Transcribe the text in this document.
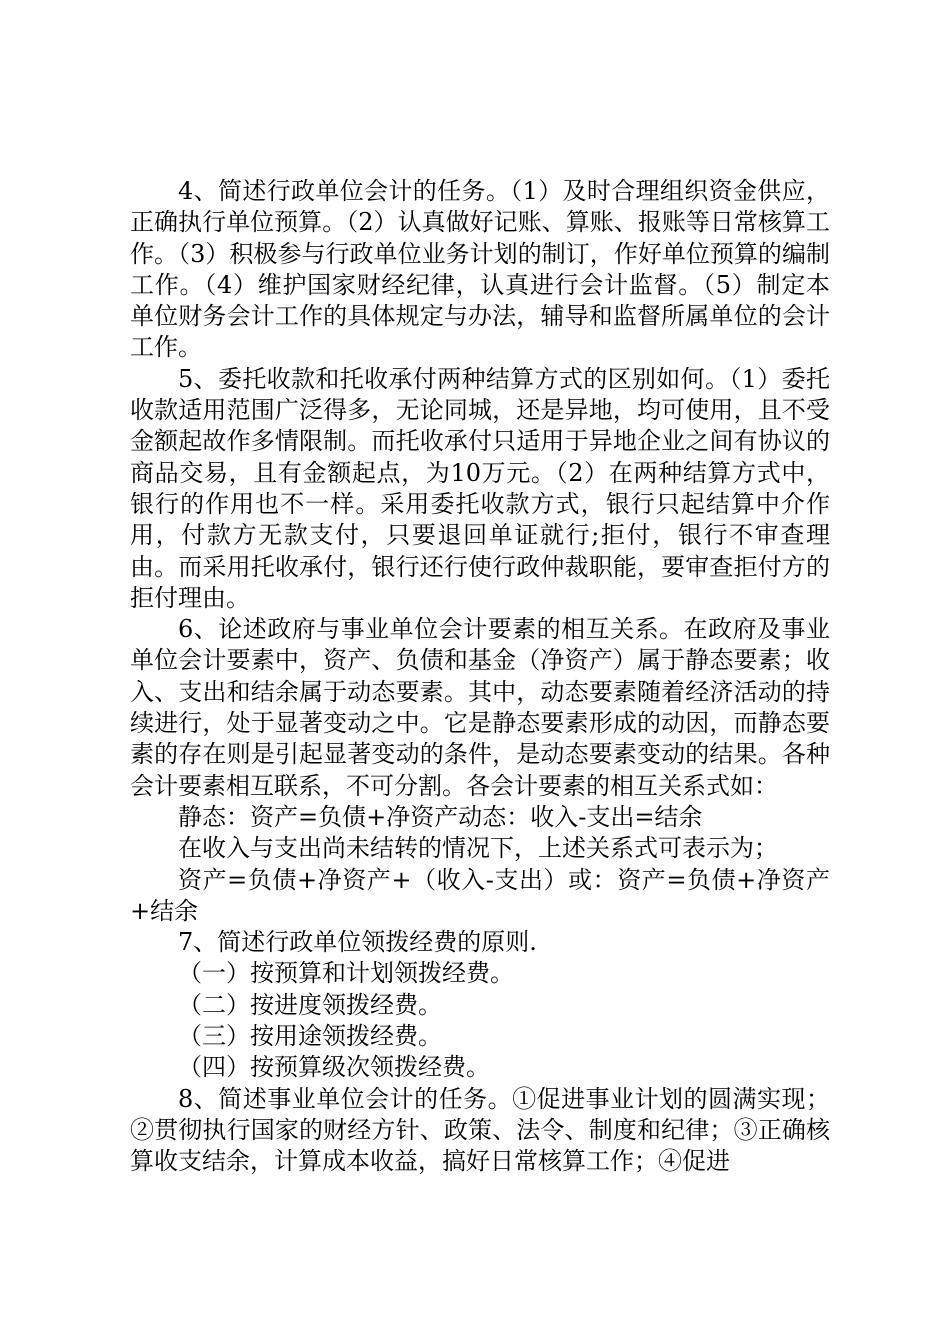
4、简述行政单位会计的任务。（1）及时合理组织资金供应，正确执行单位预算。（2）认真做好记账、算账、报账等日常核算工作。（3）积极参与行政单位业务计划的制订，作好单位预算的编制工作。（4）维护国家财经纪律，认真进行会计监督。（5）制定本单位财务会计工作的具体规定与办法，辅导和监督所属单位的会计工作。

5、委托收款和托收承付两种结算方式的区别如何。（1）委托收款适用范围广泛得多，无论同城，还是异地，均可使用，且不受金额起故作多情限制。而托收承付只适用于异地企业之间有协议的商品交易，且有金额起点，为10万元。（2）在两种结算方式中，银行的作用也不一样。采用委托收款方式，银行只起结算中介作用，付款方无款支付，只要退回单证就行;拒付，银行不审查理由。而采用托收承付，银行还行使行政仲裁职能，要审查拒付方的拒付理由。

6、论述政府与事业单位会计要素的相互关系。在政府及事业单位会计要素中，资产、负债和基金（净资产）属于静态要素；收入、支出和结余属于动态要素。其中，动态要素随着经济活动的持续进行，处于显著变动之中。它是静态要素形成的动因，而静态要素的存在则是引起显著变动的条件，是动态要素变动的结果。各种会计要素相互联系，不可分割。各会计要素的相互关系式如：

静态：资产=负债+净资产动态：收入-支出=结余

在收入与支出尚未结转的情况下，上述关系式可表示为；

资产=负债+净资产+（收入-支出）或：资产=负债+净资产+结余

7、简述行政单位领拨经费的原则.

（一）按预算和计划领拨经费。

（二）按进度领拨经费。

（三）按用途领拨经费。

（四）按预算级次领拨经费。

8、简述事业单位会计的任务。①促进事业计划的圆满实现；②贯彻执行国家的财经方针、政策、法令、制度和纪律；③正确核算收支结余，计算成本收益，搞好日常核算工作；④促进
